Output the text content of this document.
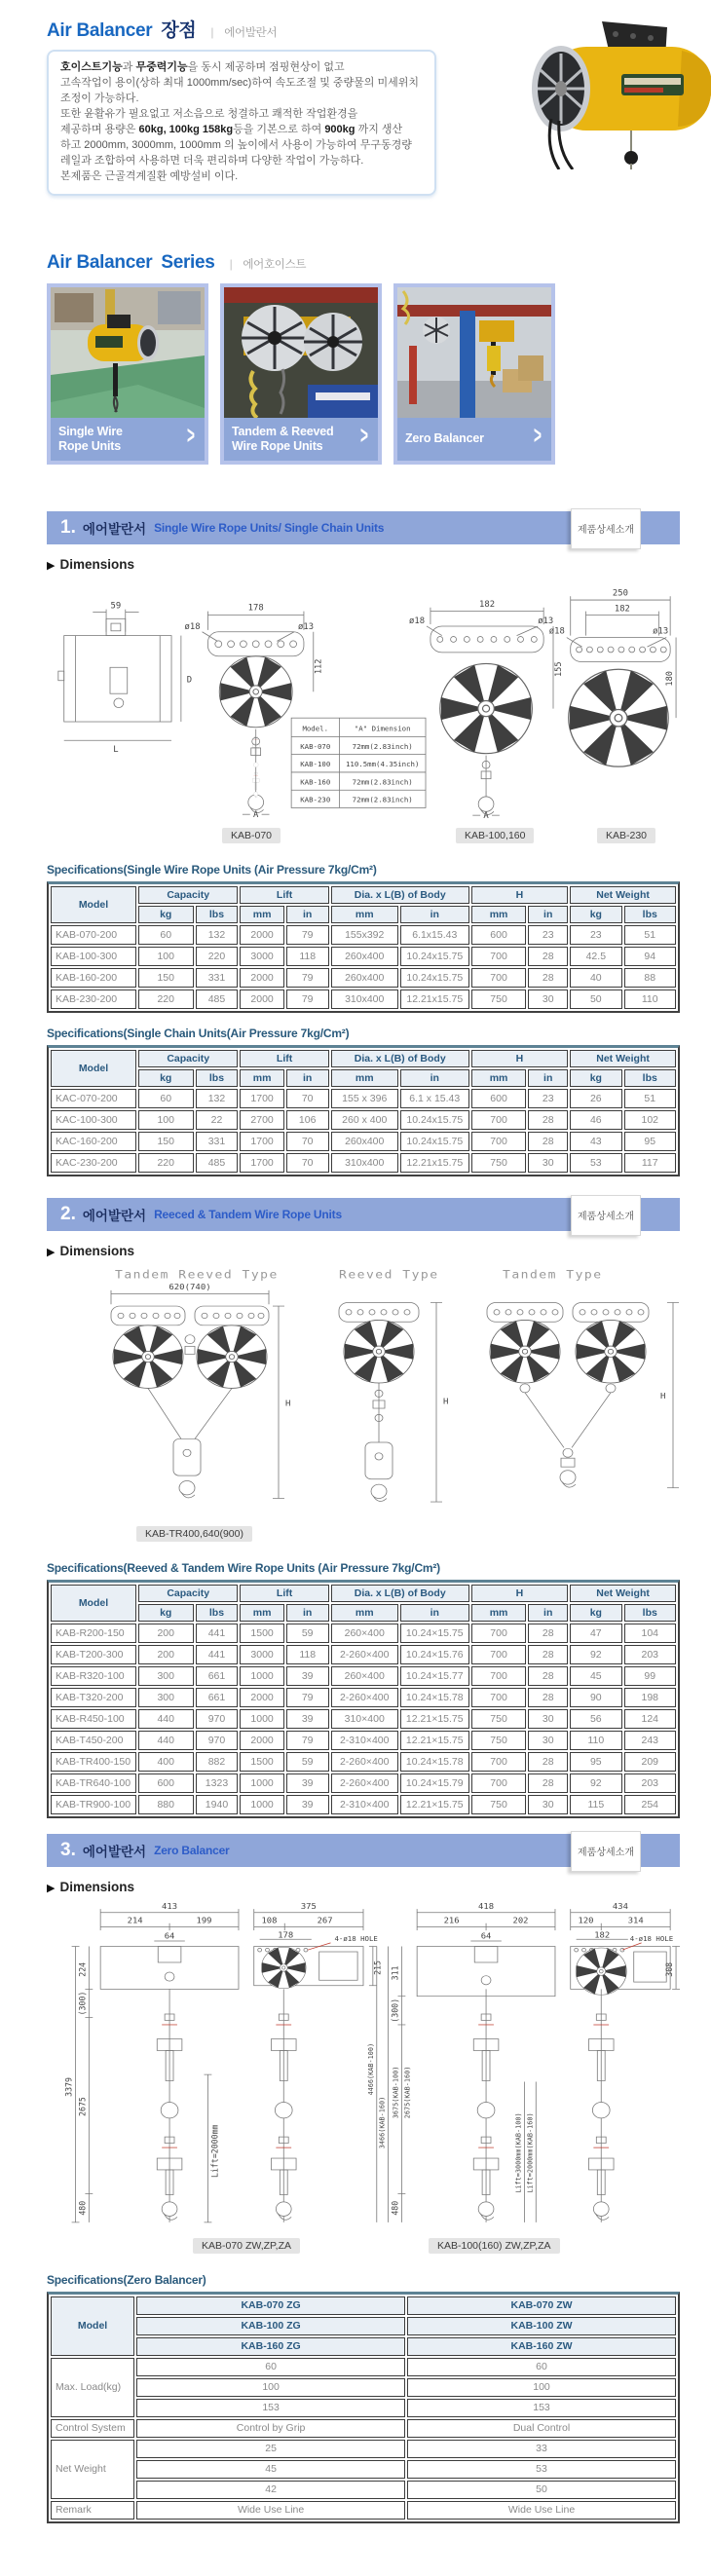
Air Balancer 장점 | 에어발란서
호이스트기능과 무중력기능을 동시 제공하며 점핑현상이 없고
고속작업이 용이(상하 최대 1000mm/sec)하여 속도조절 및 중량물의 미세위치
조정이 가능하다.
또한 윤활유가 필요없고 저소음으로 청결하고 쾌적한 작업환경을
제공하며 용량은 60kg, 100kg 158kg등을 기본으로 하여 900kg 까지 생산
하고 2000mm, 3000mm, 1000mm 의 높이에서 사용이 가능하여 무구동경량
레일과 조합하여 사용하면 더욱 편리하며 다양한 작업이 가능하다.
본제품은 근골격계질환 예방설비 이다.
Air Balancer Series | 에어호이스트
Single Wire
Rope Units	>	Tandem & Reeved
Wire Rope Units	>	Zero Balancer	>
1. 에어발란서 Single Wire Rope Units/ Single Chain Units	제품상세소개
▶ Dimensions
59
D
L
178
ø18	ø13
112
A
Model.	"A" Dimension
KAB-070	72mm(2.83inch)
KAB-100 110.5mm(4.35inch)
KAB-160	72mm(2.83inch)
KAB-230	72mm(2.83inch)
182
ø18	ø13
155
A
250
182
ø18	ø13
180
KAB-070	KAB-100,160	KAB-230
Specifications(Single Wire Rope Units (Air Pressure 7kg/Cm²)
Model	Capacity		Lift		Dia. x L(B) of Body		H		Net Weight	
	kg	lbs	mm	in	mm	in	mm	in	kg	lbs
KAB-070-200	60	132	2000	79	155x392	6.1x15.43	600	23	23	51
KAB-100-300	100	220	3000	118	260x400	10.24x15.75	700	28	42.5	94
KAB-160-200	150	331	2000	79	260x400	10.24x15.75	700	28	40	88
KAB-230-200	220	485	2000	79	310x400	12.21x15.75	750	30	50	110
Specifications(Single Chain Units(Air Pressure 7kg/Cm²)
Model	Capacity		Lift		Dia. x L(B) of Body		H		Net Weight	
	kg	lbs	mm	in	mm	in	mm	in	kg	lbs
KAC-070-200	60	132	1700	70	155 x 396	6.1 x 15.43	600	23	26	51
KAC-100-300	100	22	2700	106	260 x 400	10.24x15.75	700	28	46	102
KAC-160-200	150	331	1700	70	260x400	10.24x15.75	700	28	43	95
KAC-230-200	220	485	1700	70	310x400	12.21x15.75	750	30	53	117
2. 에어발란서 Reeced & Tandem Wire Rope Units	제품상세소개
▶ Dimensions
Tandem Reeved Type	Reeved Type	Tandem Type
620(740)
H	H
H
KAB-TR400,640(900)
Specifications(Reeved & Tandem Wire Rope Units (Air Pressure 7kg/Cm²)
Model	Capacity		Lift		Dia. x L(B) of Body		H		Net Weight	
	kg	lbs	mm	in	mm	in	mm	in	kg	lbs
KAB-R200-150	200	441	1500	59	260×400	10.24×15.75	700	28	47	104
KAB-T200-300	200	441	3000	118	2-260×400	10.24×15.76	700	28	92	203
KAB-R320-100	300	661	1000	39	260×400	10.24×15.77	700	28	45	99
KAB-T320-200	300	661	2000	79	2-260×400	10.24×15.78	700	28	90	198
KAB-R450-100	440	970	1000	39	310×400	12.21×15.75	750	30	56	124
KAB-T450-200	440	970	2000	79	2-310×400	12.21×15.75	750	30	110	243
KAB-TR400-150	400	882	1500	59	2-260×400	10.24×15.78	700	28	95	209
KAB-TR640-100	600	1323	1000	39	2-260×400	10.24×15.79	700	28	92	203
KAB-TR900-100	880	1940	1000	39	2-310×400	12.21×15.75	750	30	115	254
3. 에어발란서 Zero Balancer	제품상세소개
▶ Dimensions
413
214	199
64
3379
224
(300)
2675
480
Lift=2000mm
375
108	267
178	4-ø18 HOLE
215
418
216	202
64
4466(KAB-100)
3466(KAB-160)
311
(300)
3675(KAB-100) 2675(KAB-160)
480
Lift=3000mm(KAB-100) Lift=2000mm(KAB-160)
434
120	314
182	4-ø18 HOLE
308
KAB-070 ZW,ZP,ZA	KAB-100(160) ZW,ZP,ZA
Specifications(Zero Balancer)
Model	KAB-070 ZG	KAB-070 ZW
	KAB-100 ZG	KAB-100 ZW
	KAB-160 ZG	KAB-160 ZW
Max. Load(kg)	60	60
	100	100
	153	153
Control System	Control by Grip	Dual Control
Net Weight	25	33
	45	53
	42	50
Remark	Wide Use Line	Wide Use Line
